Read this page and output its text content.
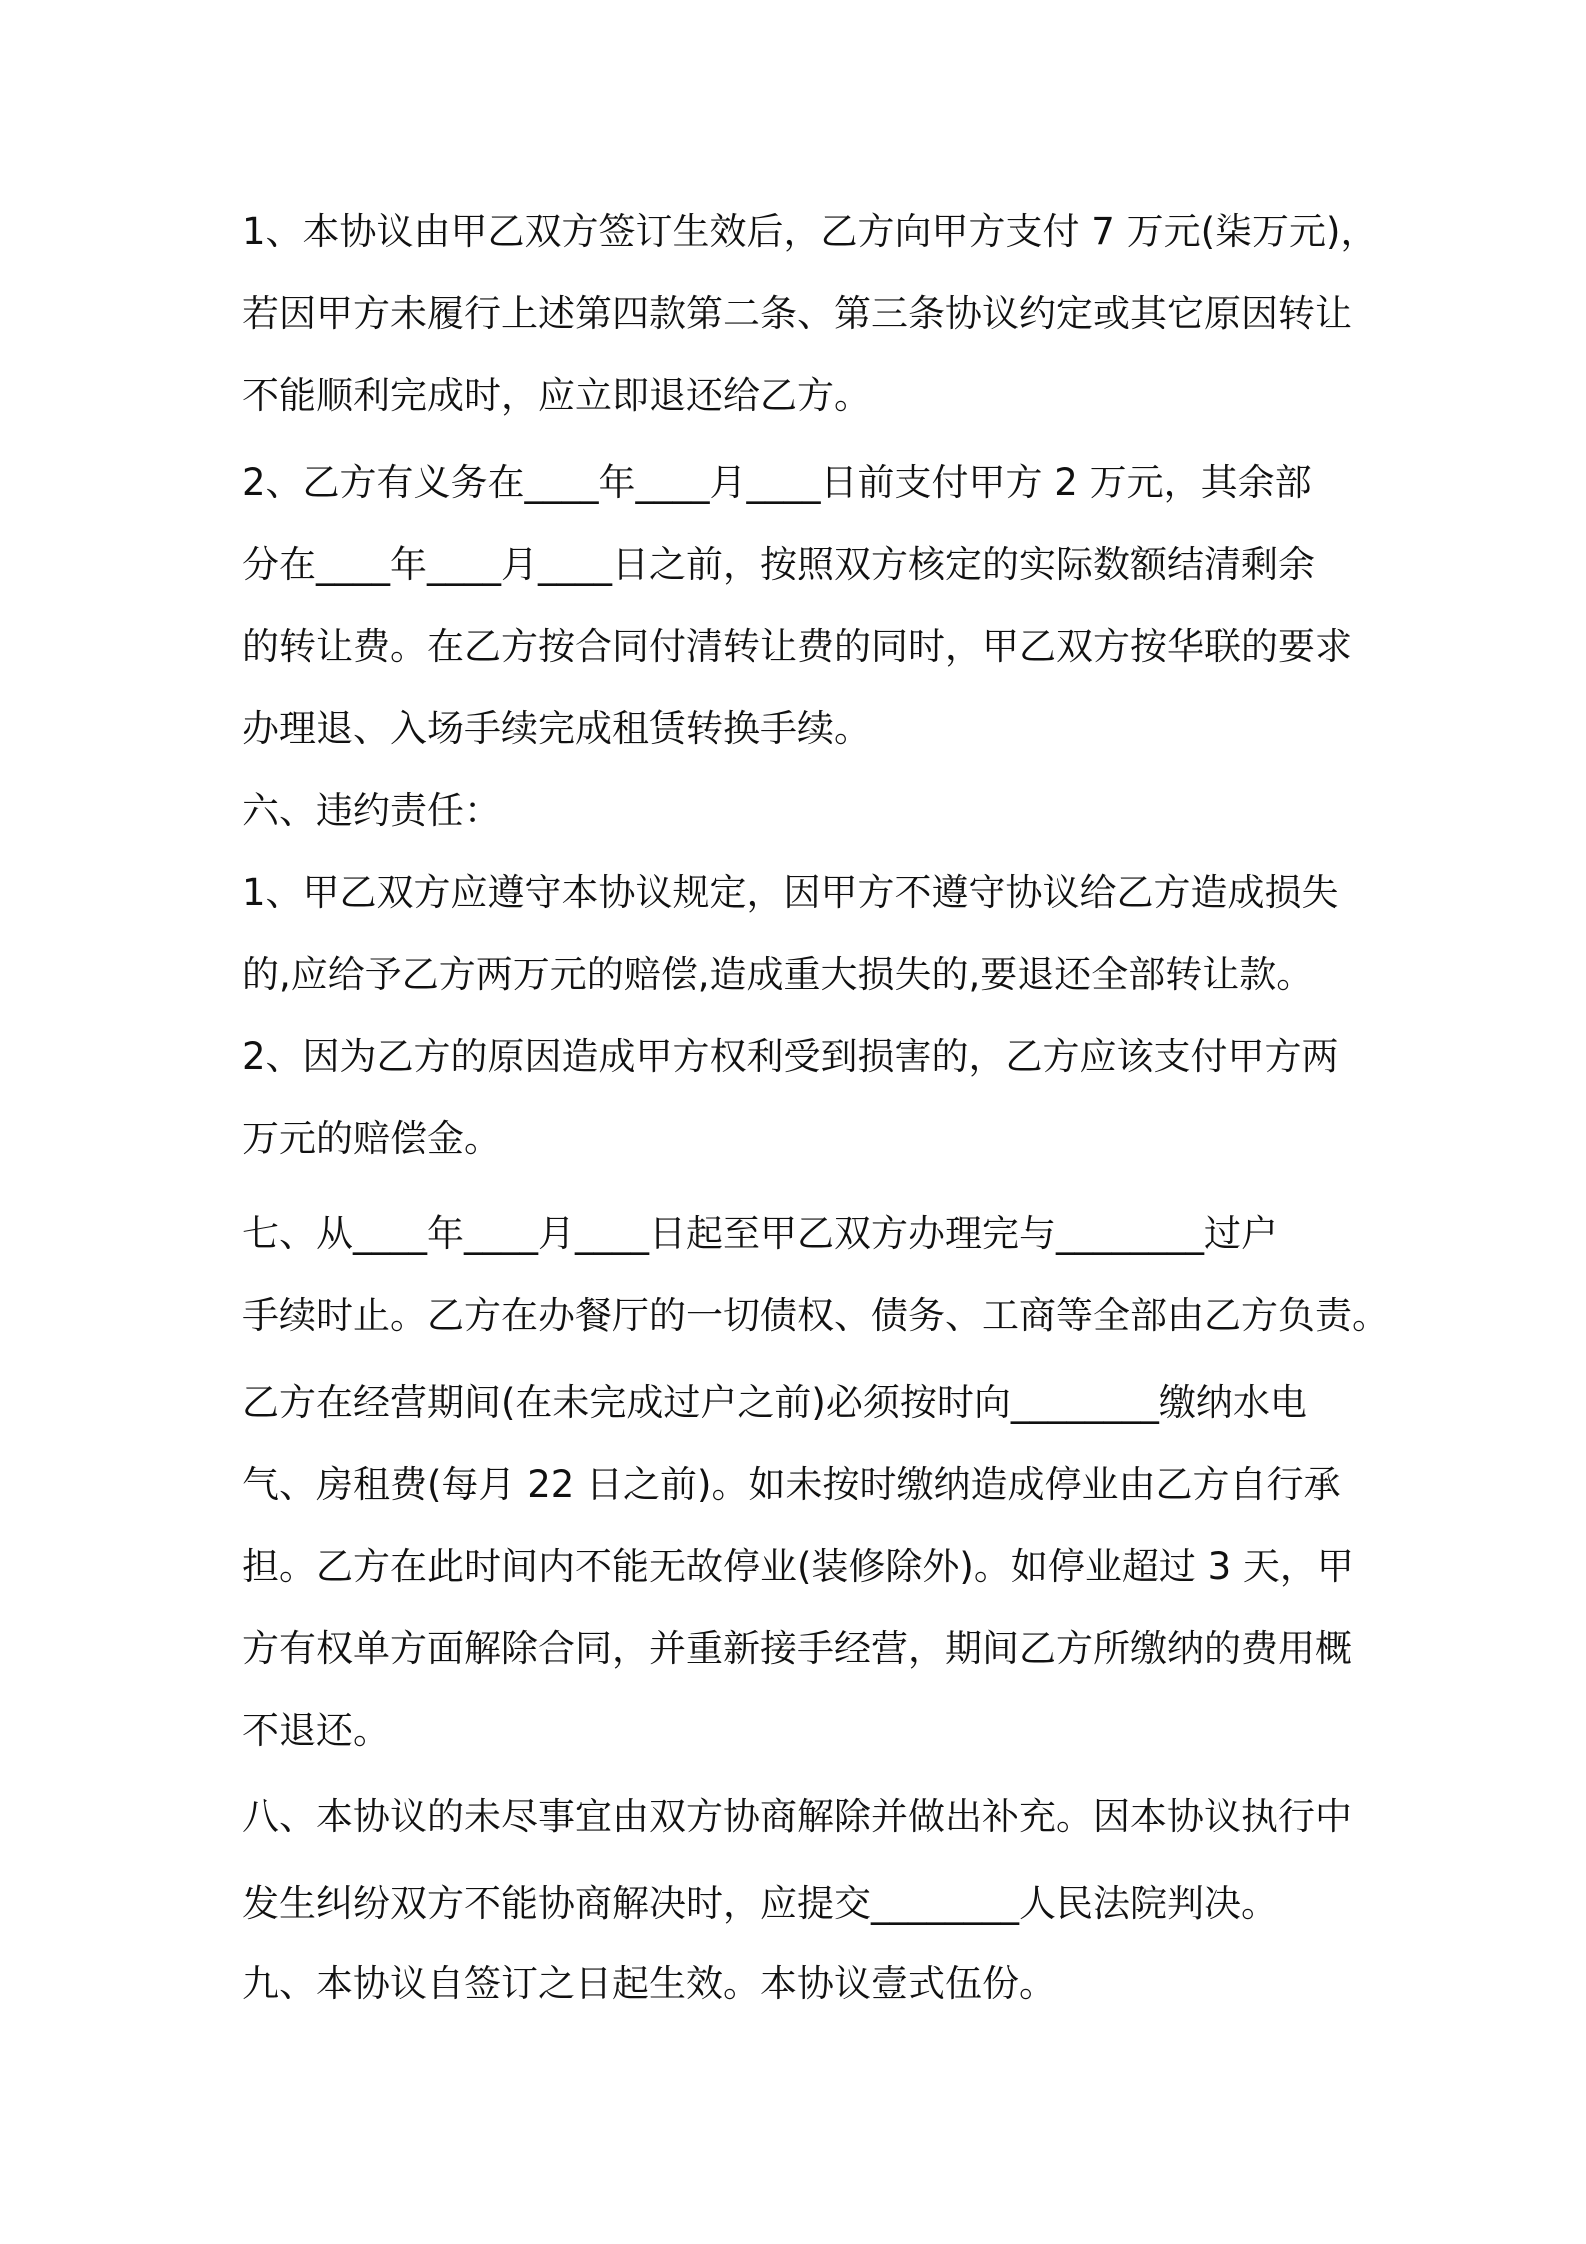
1、本协议由甲乙双方签订生效后，乙方向甲方支付 7 万元(柒万元)，
若因甲方未履行上述第四款第二条、第三条协议约定或其它原因转让
不能顺利完成时，应立即退还给乙方。
2、乙方有义务在____年____月____日前支付甲方 2 万元，其余部
分在____年____月____日之前，按照双方核定的实际数额结清剩余
的转让费。在乙方按合同付清转让费的同时，甲乙双方按华联的要求
办理退、入场手续完成租赁转换手续。
六、违约责任：
1、甲乙双方应遵守本协议规定，因甲方不遵守协议给乙方造成损失
的,应给予乙方两万元的赔偿,造成重大损失的,要退还全部转让款。
2、因为乙方的原因造成甲方权利受到损害的，乙方应该支付甲方两
万元的赔偿金。
七、从____年____月____日起至甲乙双方办理完与________过户
手续时止。乙方在办餐厅的一切债权、债务、工商等全部由乙方负责。
乙方在经营期间(在未完成过户之前)必须按时向________缴纳水电
气、房租费(每月 22 日之前)。如未按时缴纳造成停业由乙方自行承
担。乙方在此时间内不能无故停业(装修除外)。如停业超过 3 天，甲
方有权单方面解除合同，并重新接手经营，期间乙方所缴纳的费用概
不退还。
八、本协议的未尽事宜由双方协商解除并做出补充。因本协议执行中
发生纠纷双方不能协商解决时，应提交________人民法院判决。
九、本协议自签订之日起生效。本协议壹式伍份。
